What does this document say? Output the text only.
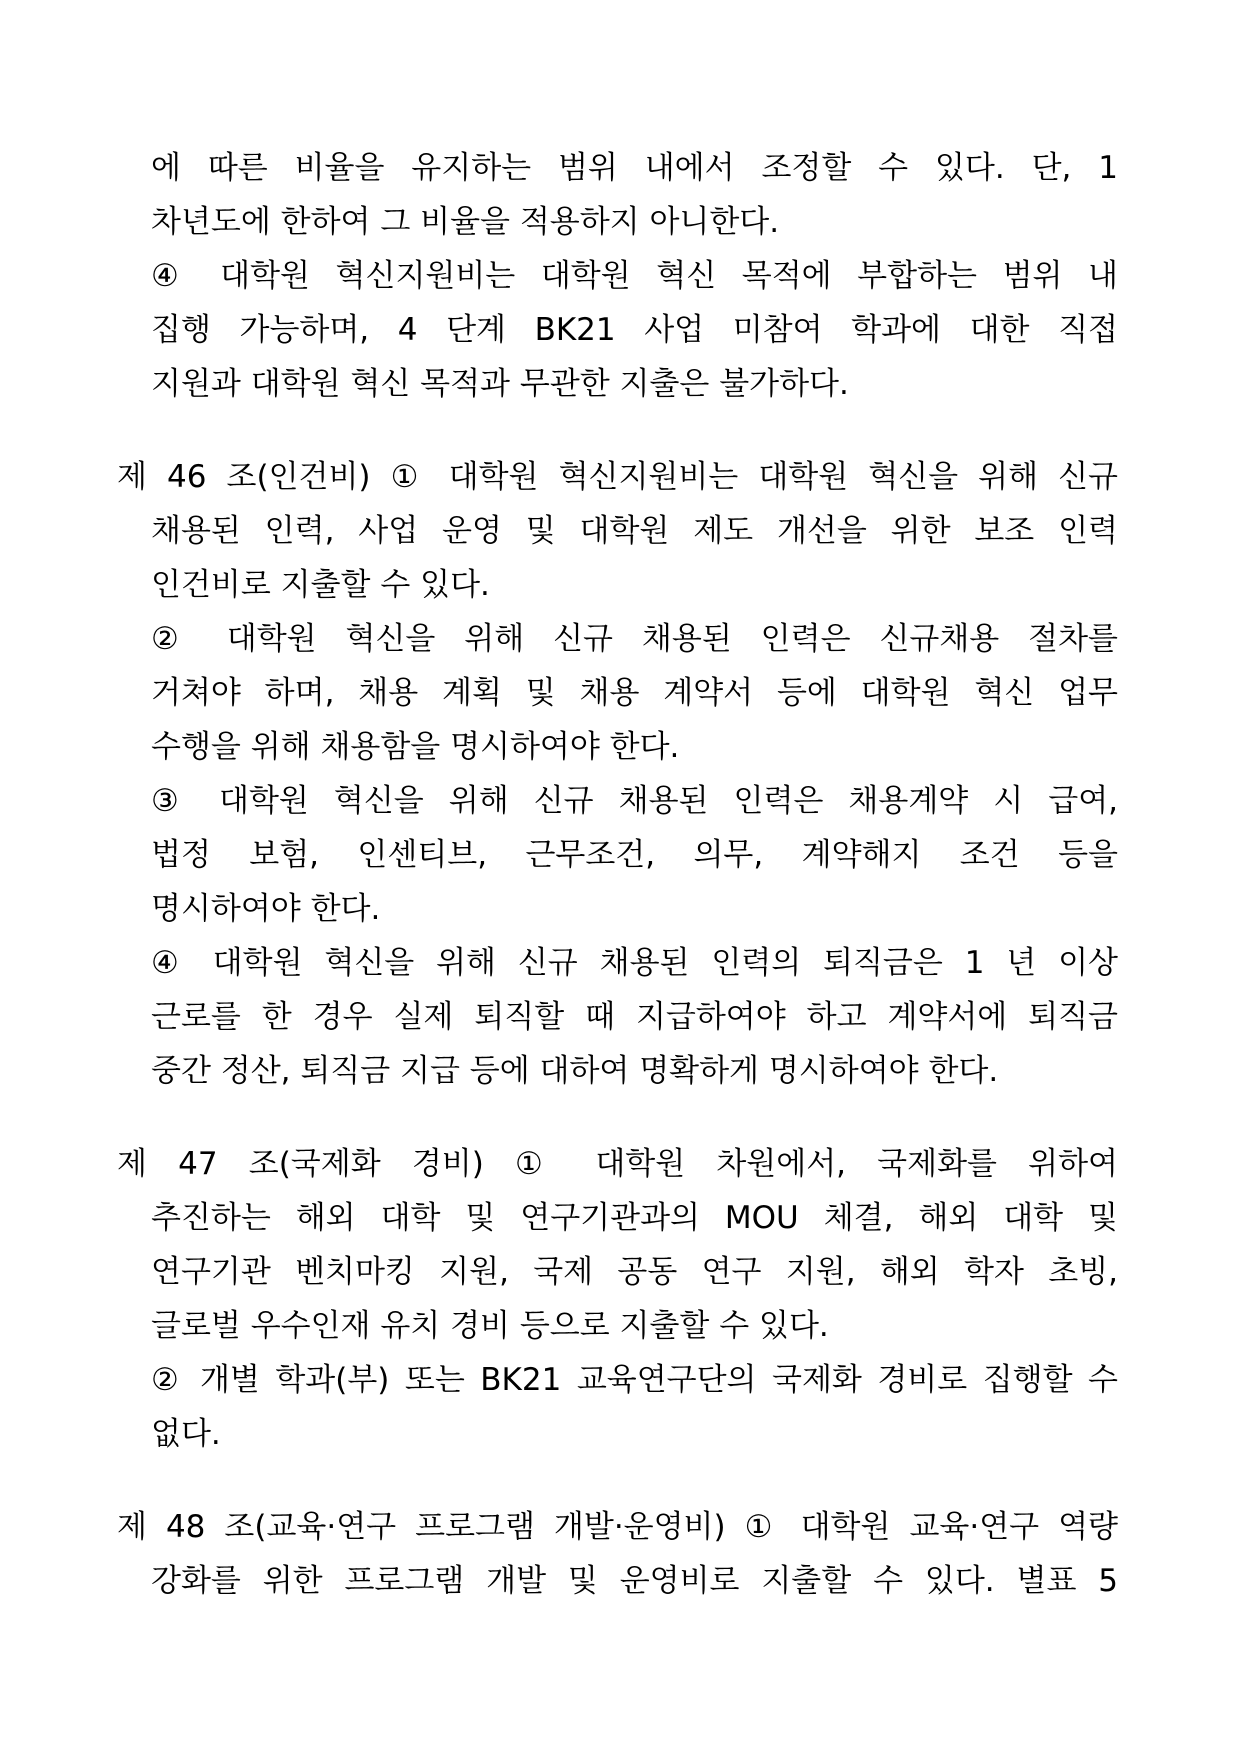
에 따른 비율을 유지하는 범위 내에서 조정할 수 있다. 단, 1
차년도에 한하여 그 비율을 적용하지 아니한다.
④ 대학원 혁신지원비는 대학원 혁신 목적에 부합하는 범위 내
집행 가능하며, 4 단계 BK21 사업 미참여 학과에 대한 직접
지원과 대학원 혁신 목적과 무관한 지출은 불가하다.
제 46 조(인건비) ① 대학원 혁신지원비는 대학원 혁신을 위해 신규
채용된 인력, 사업 운영 및 대학원 제도 개선을 위한 보조 인력
인건비로 지출할 수 있다.
② 대학원 혁신을 위해 신규 채용된 인력은 신규채용 절차를
거쳐야 하며, 채용 계획 및 채용 계약서 등에 대학원 혁신 업무
수행을 위해 채용함을 명시하여야 한다.
③ 대학원 혁신을 위해 신규 채용된 인력은 채용계약 시 급여,
법정 보험, 인센티브, 근무조건, 의무, 계약해지 조건 등을
명시하여야 한다.
④ 대학원 혁신을 위해 신규 채용된 인력의 퇴직금은 1 년 이상
근로를 한 경우 실제 퇴직할 때 지급하여야 하고 계약서에 퇴직금
중간 정산, 퇴직금 지급 등에 대하여 명확하게 명시하여야 한다.
제 47 조(국제화 경비) ① 대학원 차원에서, 국제화를 위하여
추진하는 해외 대학 및 연구기관과의 MOU 체결, 해외 대학 및
연구기관 벤치마킹 지원, 국제 공동 연구 지원, 해외 학자 초빙,
글로벌 우수인재 유치 경비 등으로 지출할 수 있다.
② 개별 학과(부) 또는 BK21 교육연구단의 국제화 경비로 집행할 수
없다.
제 48 조(교육·연구 프로그램 개발·운영비) ① 대학원 교육·연구 역량
강화를 위한 프로그램 개발 및 운영비로 지출할 수 있다. 별표 5
